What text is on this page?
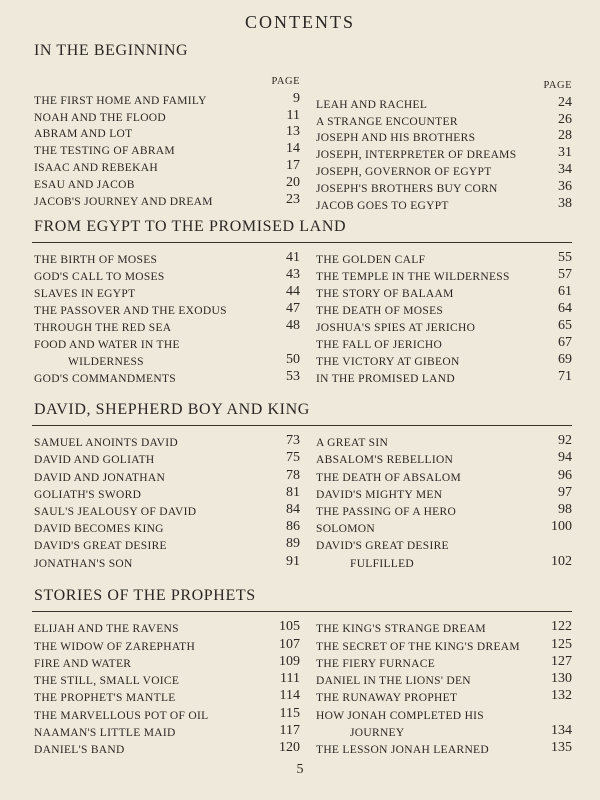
CONTENTS
IN THE BEGINNING
PAGE
THE FIRST HOME AND FAMILY	9
NOAH AND THE FLOOD	11
ABRAM AND LOT	13
THE TESTING OF ABRAM	14
ISAAC AND REBEKAH	17
ESAU AND JACOB	20
JACOB'S JOURNEY AND DREAM	23
PAGE
LEAH AND RACHEL	24
A STRANGE ENCOUNTER	26
JOSEPH AND HIS BROTHERS	28
JOSEPH, INTERPRETER OF DREAMS	31
JOSEPH, GOVERNOR OF EGYPT	34
JOSEPH'S BROTHERS BUY CORN	36
JACOB GOES TO EGYPT	38
FROM EGYPT TO THE PROMISED LAND
THE BIRTH OF MOSES	41
GOD'S CALL TO MOSES	43
SLAVES IN EGYPT	44
THE PASSOVER AND THE EXODUS	47
THROUGH THE RED SEA	48
FOOD AND WATER IN THE
WILDERNESS	50
GOD'S COMMANDMENTS	53
THE GOLDEN CALF	55
THE TEMPLE IN THE WILDERNESS	57
THE STORY OF BALAAM	61
THE DEATH OF MOSES	64
JOSHUA'S SPIES AT JERICHO	65
THE FALL OF JERICHO	67
THE VICTORY AT GIBEON	69
IN THE PROMISED LAND	71
DAVID, SHEPHERD BOY AND KING
SAMUEL ANOINTS DAVID	73
DAVID AND GOLIATH	75
DAVID AND JONATHAN	78
GOLIATH'S SWORD	81
SAUL'S JEALOUSY OF DAVID	84
DAVID BECOMES KING	86
DAVID'S GREAT DESIRE	89
JONATHAN'S SON	91
A GREAT SIN	92
ABSALOM'S REBELLION	94
THE DEATH OF ABSALOM	96
DAVID'S MIGHTY MEN	97
THE PASSING OF A HERO	98
SOLOMON	100
DAVID'S GREAT DESIRE
FULFILLED	102
STORIES OF THE PROPHETS
ELIJAH AND THE RAVENS	105
THE WIDOW OF ZAREPHATH	107
FIRE AND WATER	109
THE STILL, SMALL VOICE	111
THE PROPHET'S MANTLE	114
THE MARVELLOUS POT OF OIL	115
NAAMAN'S LITTLE MAID	117
DANIEL'S BAND	120
THE KING'S STRANGE DREAM	122
THE SECRET OF THE KING'S DREAM 125
THE FIERY FURNACE	127
DANIEL IN THE LIONS' DEN	130
THE RUNAWAY PROPHET	132
HOW JONAH COMPLETED HIS
JOURNEY	134
THE LESSON JONAH LEARNED	135
5
